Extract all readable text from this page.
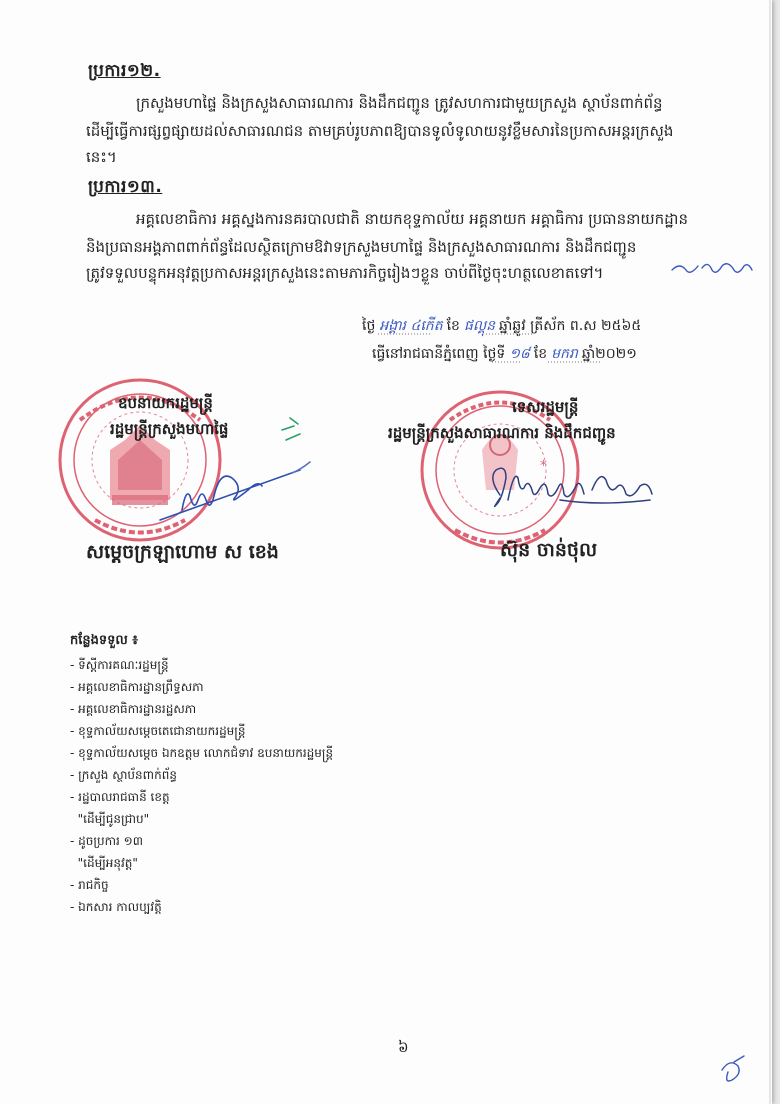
*
ប្រការ១២.
ក្រសួងមហាផ្ទៃ និងក្រសួងសាធារណការ និងដឹកជញ្ជូន ត្រូវសហការជាមួយក្រសួង ស្ថាប័នពាក់ព័ន្ធ
ដើម្បីធ្វើការផ្សព្វផ្សាយដល់សាធារណជន តាមគ្រប់រូបភាពឱ្យបានទូលំទូលាយនូវខ្លឹមសារនៃប្រកាសអន្តរក្រសួង
នេះ។
ប្រការ១៣.
អគ្គលេខាធិការ អគ្គស្នងការនគរបាលជាតិ នាយកខុទ្ទកាល័យ អគ្គនាយក អគ្គាធិការ ប្រធាននាយកដ្ឋាន
និងប្រធានអង្គភាពពាក់ព័ន្ធដែលស្ថិតក្រោមឱវាទក្រសួងមហាផ្ទៃ និងក្រសួងសាធារណការ និងដឹកជញ្ជូន
ត្រូវទទួលបន្ទុកអនុវត្តប្រកាសអន្តរក្រសួងនេះតាមភារកិច្ចរៀងៗខ្លួន ចាប់ពីថ្ងៃចុះហត្ថលេខាតទៅ។
ថ្ងៃ អង្គារ ៤កើត ខែ ផល្គុន ឆ្នាំឆ្លូវ ត្រីស័ក ព.ស ២៥៦៥
ធ្វើនៅរាជធានីភ្នំពេញ ថ្ងៃទី ១៨ ខែ មករា ឆ្នាំ២០២១
ឧបនាយករដ្ឋមន្ត្រី
រដ្ឋមន្ត្រីក្រសួងមហាផ្ទៃ
សម្តេចក្រឡាហោម ស ខេង
ទេសរដ្ឋមន្ត្រី
រដ្ឋមន្ត្រីក្រសួងសាធារណការ និងដឹកជញ្ជូន
ស៊ុន ចាន់ថុល
កន្លែងទទួល ៖
- ទីស្តីការគណៈរដ្ឋមន្ត្រី
- អគ្គលេខាធិការដ្ឋានព្រឹទ្ធសភា
- អគ្គលេខាធិការដ្ឋានរដ្ឋសភា
- ខុទ្ទកាល័យសម្តេចតេជោនាយករដ្ឋមន្ត្រី
- ខុទ្ទកាល័យសម្តេច ឯកឧត្តម លោកជំទាវ ឧបនាយករដ្ឋមន្ត្រី
- ក្រសួង ស្ថាប័នពាក់ព័ន្ធ
- រដ្ឋបាលរាជធានី ខេត្ត
"ដើម្បីជូនជ្រាប"
- ដូចប្រការ ១៣
"ដើម្បីអនុវត្ត"
- រាជកិច្ច
- ឯកសារ កាលប្បវត្តិ
៦
